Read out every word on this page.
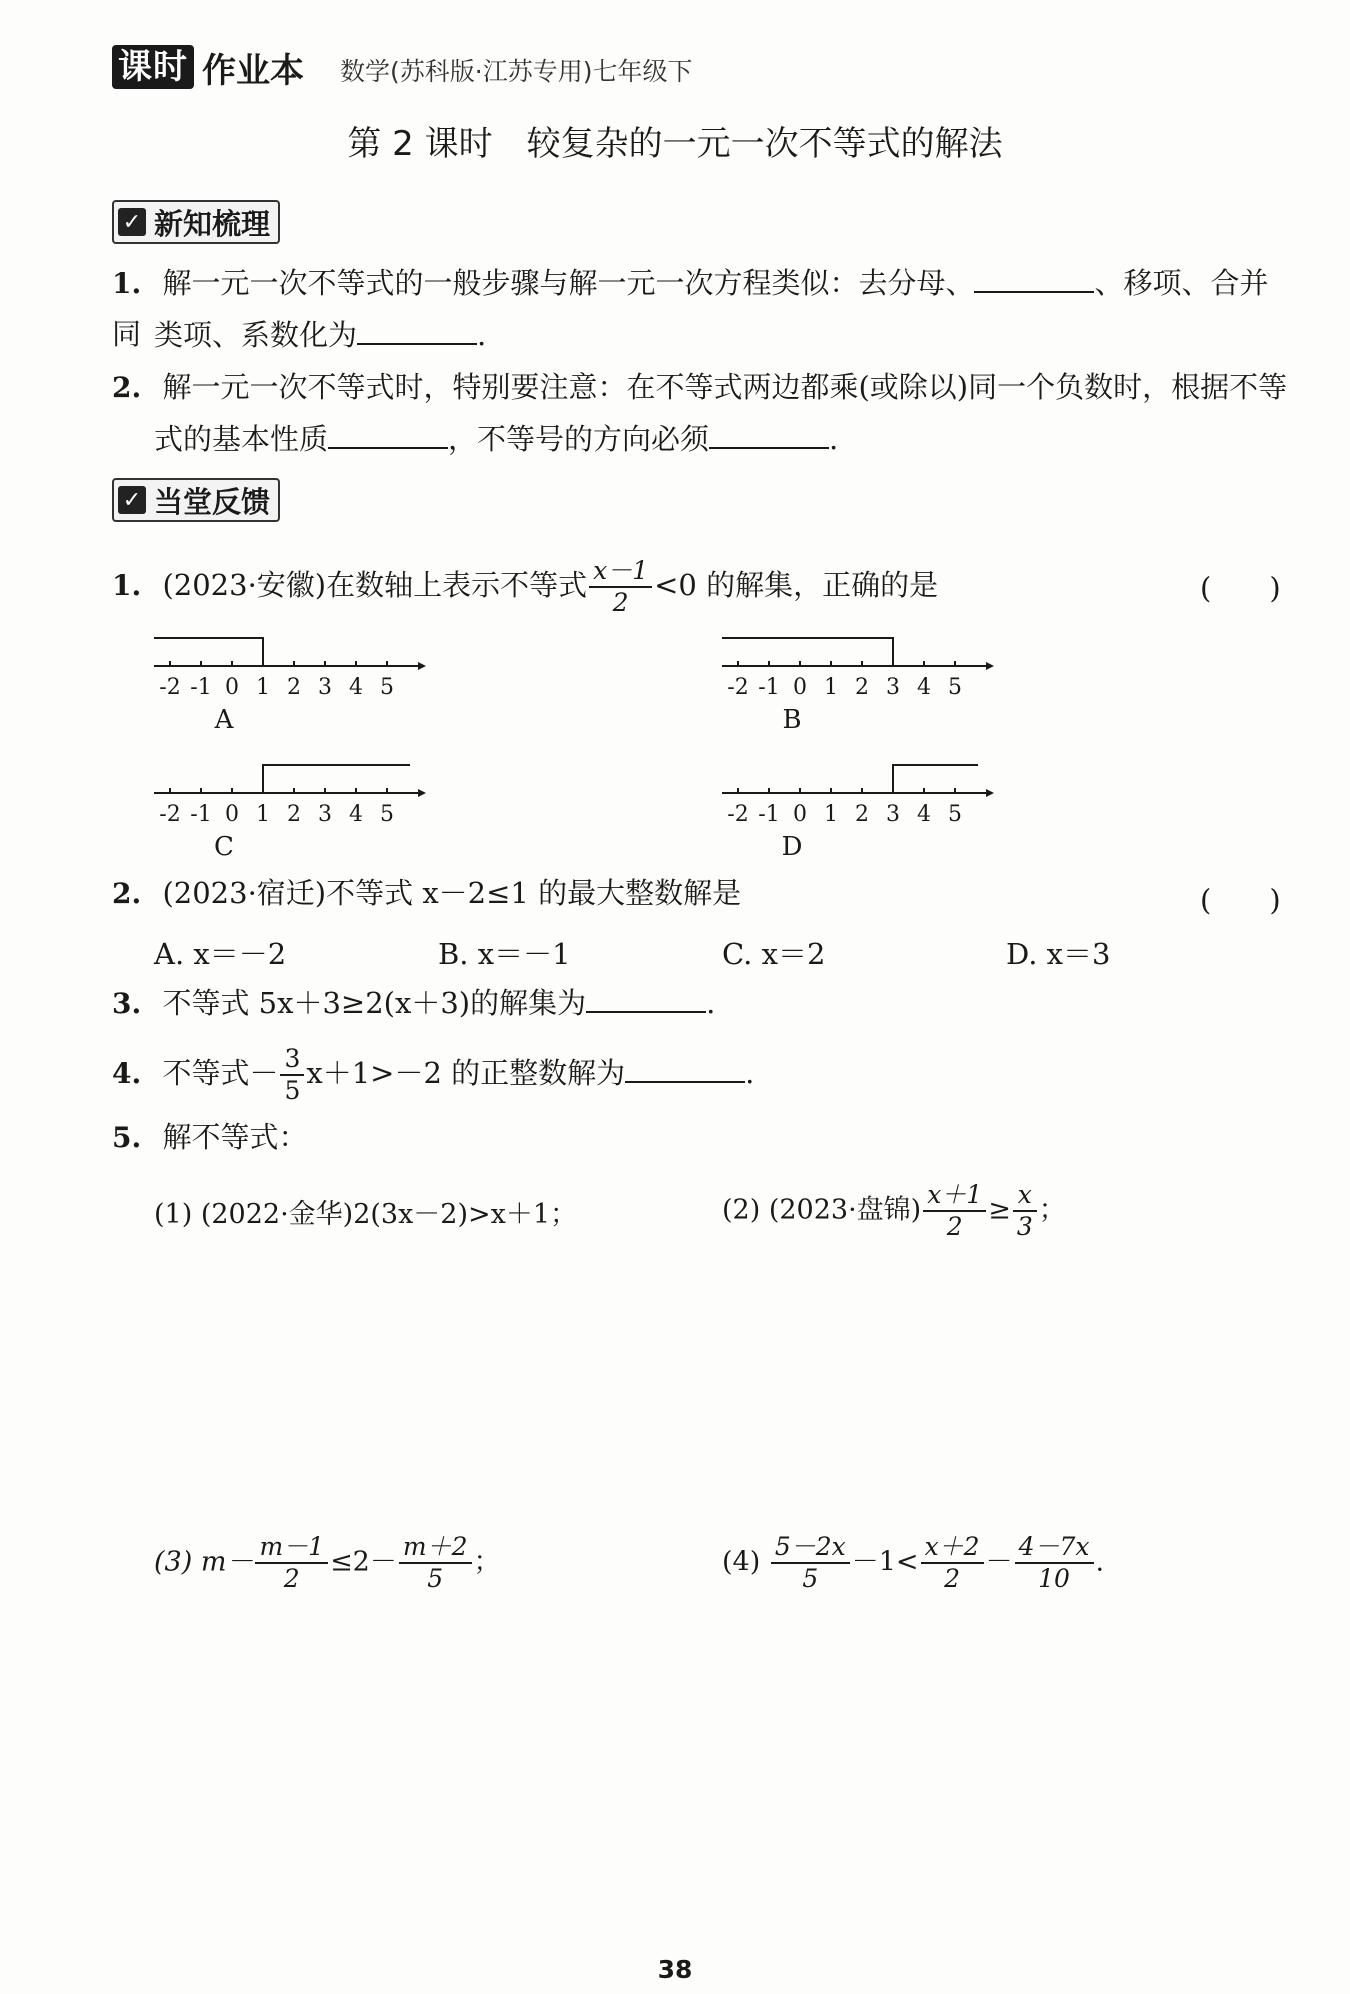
课时 作业本 数学(苏科版·江苏专用)七年级下
第 2 课时　较复杂的一元一次不等式的解法
✓ 新知梳理
1. 解一元一次不等式的一般步骤与解一元一次方程类似：去分母、	、移项、合并同 类项、系数化为	.
2. 解一元一次不等式时，特别要注意：在不等式两边都乘(或除以)同一个负数时，根据不等
式的基本性质	，不等号的方向必须	.
✓ 当堂反馈
1. (2023·安徽)在数轴上表示不等式 $\frac{x-1}{2} <0$ 的解集，正确的是	(　　)
-2 -1 0 1 2 3 4 5
A
-2 -1 0 1 2 3 4 5
B
-2 -1 0 1 2 3 4 5
C
-2 -1 0 1 2 3 4 5
D
2. (2023·宿迁)不等式 x－2≤1 的最大整数解是	(　　)
A. x＝－2	B. x＝－1	C. x＝2	D. x＝3
3. 不等式 5x＋3≥2(x＋3)的解集为	.
4. 不等式－ $\frac{3}{5} x+1>-2$ 的正整数解为	.
5. 解不等式：
(1) (2022·金华)2(3x－2)>x＋1；	(2) (2023·盘锦) $\frac{x+1}{2} \ge \frac{x}{3}$ ；
(3) $m- \frac{m-1}{2} \le 2- \frac{m+2}{5}$ ；	$(4) \frac{5-2x}{5} -1< \frac{x+2}{2} - \frac{4-7x}{10}$ .
38
